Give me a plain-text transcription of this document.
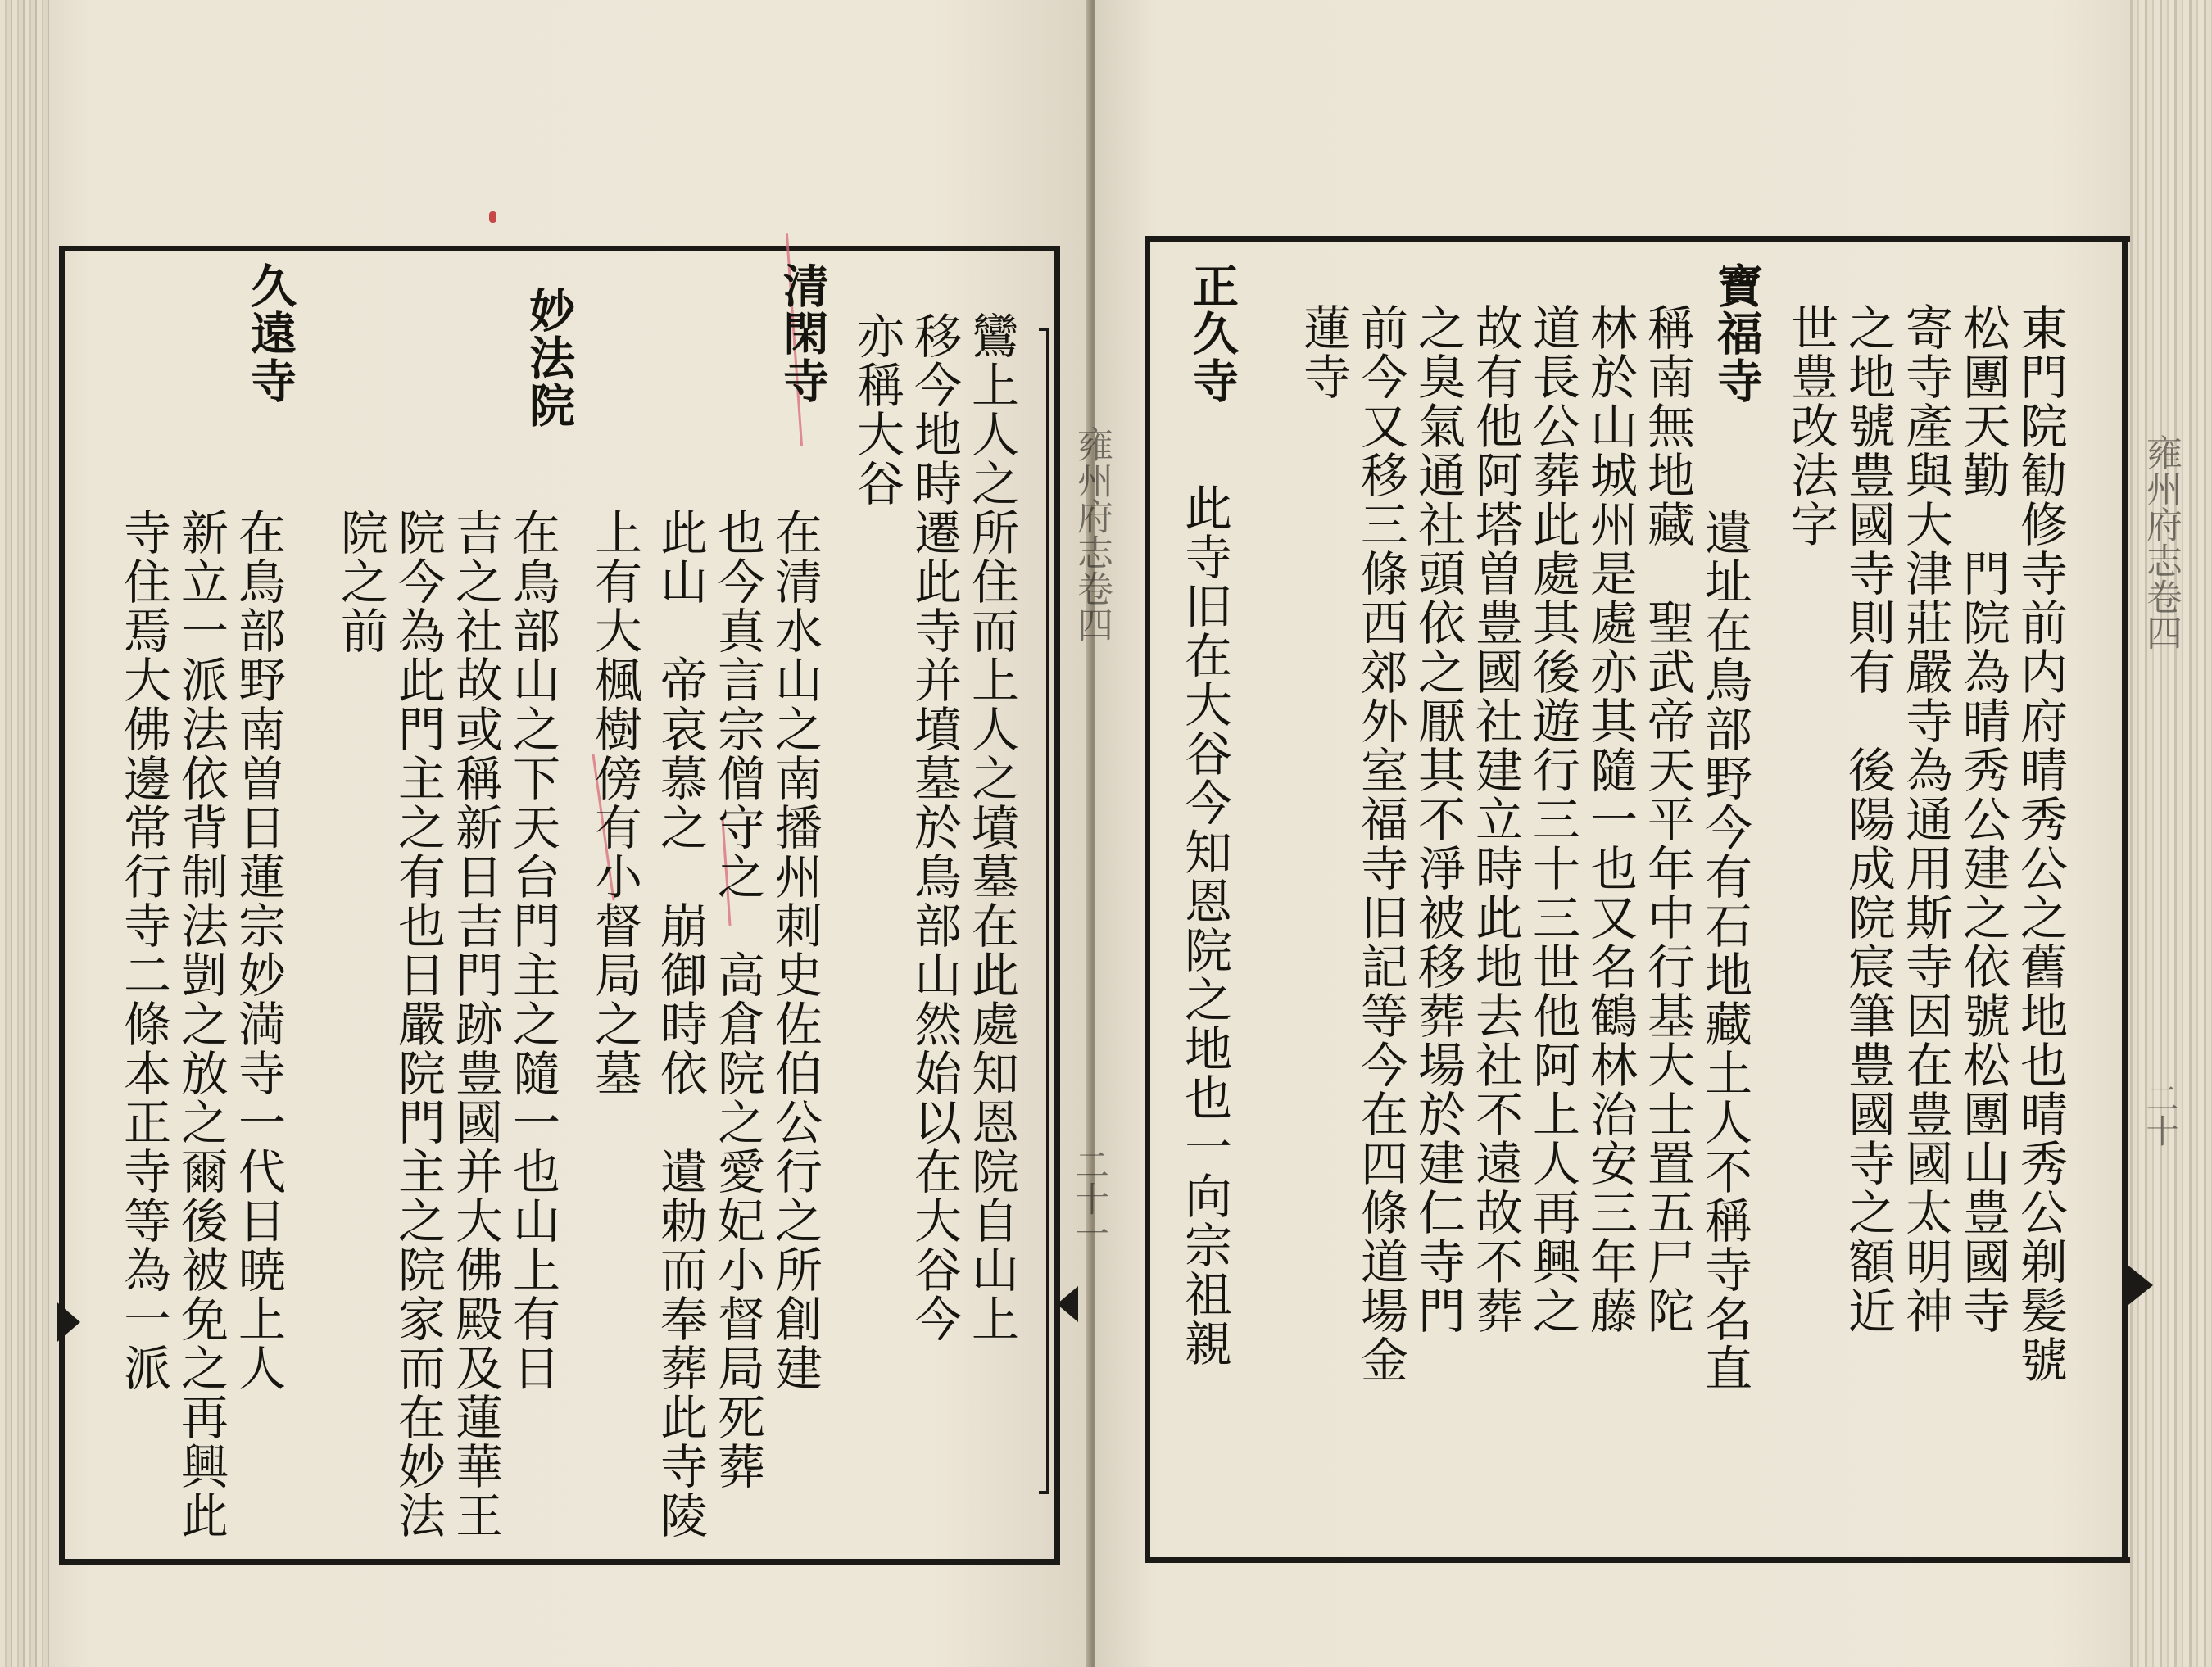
鸞上人之所住而上人之墳墓在此處知恩院自山上
移今地時遷此寺并墳墓於鳥部山然始以在大谷今
亦稱大谷
清閑寺
在清水山之南播州刺史佐伯公行之所創建
也今真言宗僧守之　高倉院之愛妃小督局死葬
此山　帝哀慕之　崩御時依　遺勅而奉葬此寺陵
上有大楓樹傍有小督局之墓
妙法院
在鳥部山之下天台門主之隨一也山上有日
吉之社故或稱新日吉門跡豊國并大佛殿及蓮華王
院今為此門主之有也日嚴院門主之院家而在妙法
院之前
久遠寺
在鳥部野南曽日蓮宗妙満寺一代日暁上人
新立一派法依背制法剴之放之爾後被免之再興此
寺住焉大佛邊常行寺二條本正寺等為一派	雍州府志卷四
二十一	東門院勧修寺前内府晴秀公之舊地也晴秀公剃髪號
松團天勤　門院為晴秀公建之依號松團山豊國寺
寄寺產與大津莊嚴寺為通用斯寺因在豊國太明神
之地號豊國寺則有　後陽成院宸筆豊國寺之額近
世豊改法字
寶福寺
遺址在鳥部野今有石地藏土人不稱寺名直
稱南無地藏　聖武帝天平年中行基大士置五尸陀
林於山城州是處亦其隨一也又名鶴林治安三年藤
道長公葬此處其後遊行三十三世他阿上人再興之
故有他阿塔曽豊國社建立時此地去社不遠故不葬
之臭氣通社頭依之厭其不淨被移葬場於建仁寺門
前今又移三條西郊外室福寺旧記等今在四條道場金
蓮寺
正久寺
此寺旧在大谷今知恩院之地也一向宗祖親	雍州府志卷四
二十
